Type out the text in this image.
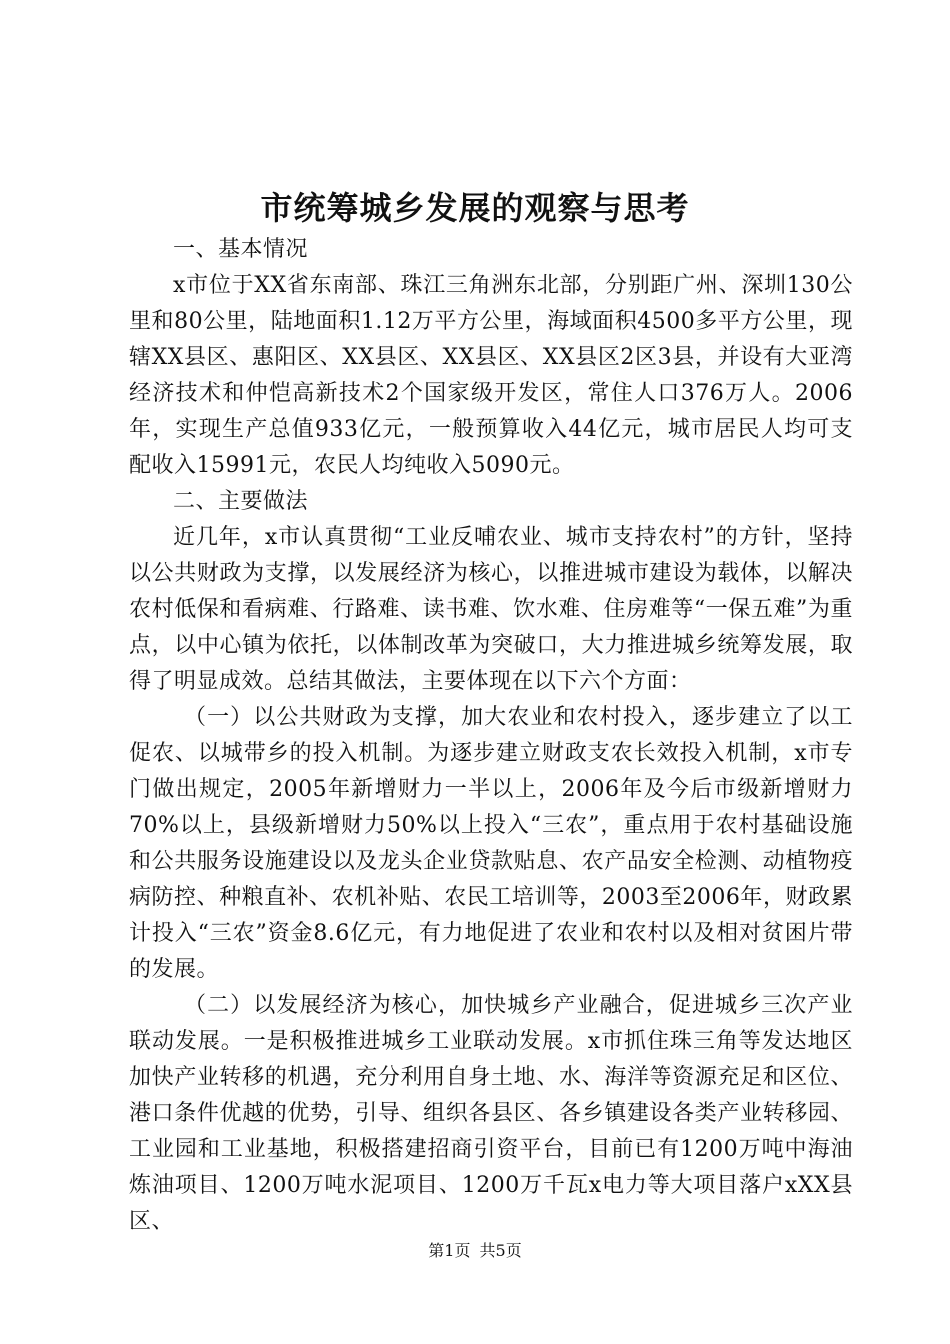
市统筹城乡发展的观察与思考

一、基本情况

x市位于XX省东南部、珠江三角洲东北部，分别距广州、深圳130公里和80公里，陆地面积1.12万平方公里，海域面积4500多平方公里，现辖XX县区、惠阳区、XX县区、XX县区、XX县区2区3县，并设有大亚湾经济技术和仲恺高新技术2个国家级开发区，常住人口376万人。2006年，实现生产总值933亿元，一般预算收入44亿元，城市居民人均可支配收入15991元，农民人均纯收入5090元。

二、主要做法

近几年，x市认真贯彻“工业反哺农业、城市支持农村”的方针，坚持以公共财政为支撑，以发展经济为核心，以推进城市建设为载体，以解决农村低保和看病难、行路难、读书难、饮水难、住房难等“一保五难”为重点，以中心镇为依托，以体制改革为突破口，大力推进城乡统筹发展，取得了明显成效。总结其做法，主要体现在以下六个方面：

（一）以公共财政为支撑，加大农业和农村投入，逐步建立了以工促农、以城带乡的投入机制。为逐步建立财政支农长效投入机制，x市专门做出规定，2005年新增财力一半以上，2006年及今后市级新增财力70%以上，县级新增财力50%以上投入“三农”，重点用于农村基础设施和公共服务设施建设以及龙头企业贷款贴息、农产品安全检测、动植物疫病防控、种粮直补、农机补贴、农民工培训等，2003至2006年，财政累计投入“三农”资金8.6亿元，有力地促进了农业和农村以及相对贫困片带的发展。

（二）以发展经济为核心，加快城乡产业融合，促进城乡三次产业联动发展。一是积极推进城乡工业联动发展。x市抓住珠三角等发达地区加快产业转移的机遇，充分利用自身土地、水、海洋等资源充足和区位、港口条件优越的优势，引导、组织各县区、各乡镇建设各类产业转移园、工业园和工业基地，积极搭建招商引资平台，目前已有1200万吨中海油炼油项目、1200万吨水泥项目、1200万千瓦x电力等大项目落户xXX县区、

第1页 共5页
